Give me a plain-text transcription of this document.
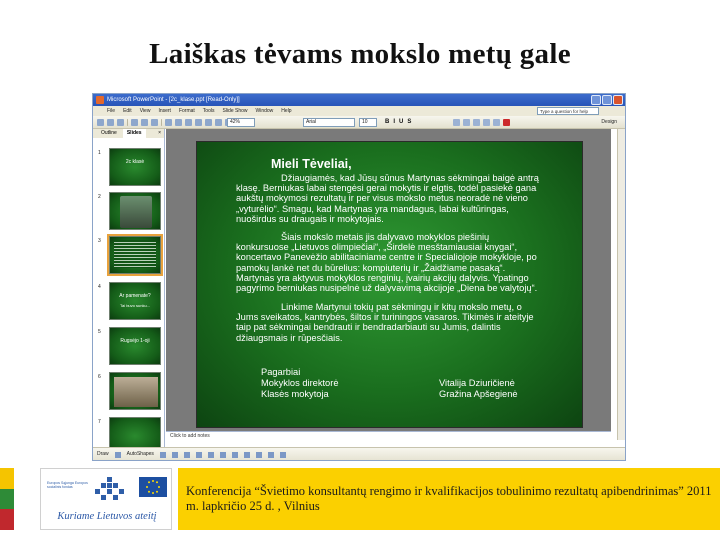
Laiškas tėvams mokslo metų gale
Microsoft PowerPoint - [2c_klase.ppt [Read-Only]]
File Edit View Insert Format Tools Slide Show Window Help	Type a question for help
42%	Arial	10	B I U S	Design
Outline	Slides	×
1
2c klasė
2
3
4
Ar pamenate?
Tai buvo sunku...
5
Rugsėjo 1-oji
6
7
Mieli Tėveliai,
Džiaugiamės, kad Jūsų sūnus Martynas sėkmingai baigė antrą klasę. Berniukas labai stengėsi gerai mokytis ir elgtis, todėl pasiekė gana aukštų mokymosi rezultatų ir per visus mokslo metus neoradė nė vieno „vyturėlio“. Smagu, kad Martynas yra mandagus, labai kultūringas, nuoširdus su draugais ir mokytojais.
Šiais mokslo metais jis dalyvavo mokyklos piešinių konkursuose „Lietuvos olimpiečiai“, „Širdelė mesštamiausiai knygai“, koncertavo Panevėžio abilitaciniame centre ir Specialiojoje mokykloje, po pamokų lankė net du būrelius: kompiuterių ir „Žaidžiame pasaką“. Martynas yra aktyvus mokyklos renginių, įvairių akcijų dalyvis. Ypatingo pagyrimo berniukas nusipelnė už dalyvavimą akcijoje „Diena be valytojų“.
Linkime Martynui tokių pat sėkmingų ir kitų mokslo metų, o Jums sveikatos, kantrybės, šiltos ir turiningos vasaros. Tikimės ir ateityje taip pat sėkmingai bendrauti ir bendradarbiauti su Jumis, dalintis džiaugsmais ir rūpesčiais.
Pagarbiai
Mokyklos direktorė
Klasės mokytoja
Vitalija Dziuričienė
Gražina Apšegienė
Click to add notes
Draw	AutoShapes
Europos Sąjunga Europos socialinis fondas
Kuriame Lietuvos ateitį
Konferencija “Švietimo konsultantų rengimo ir kvalifikacijos tobulinimo rezultatų apibendrinimas” 2011 m. lapkričio 25 d. , Vilnius
